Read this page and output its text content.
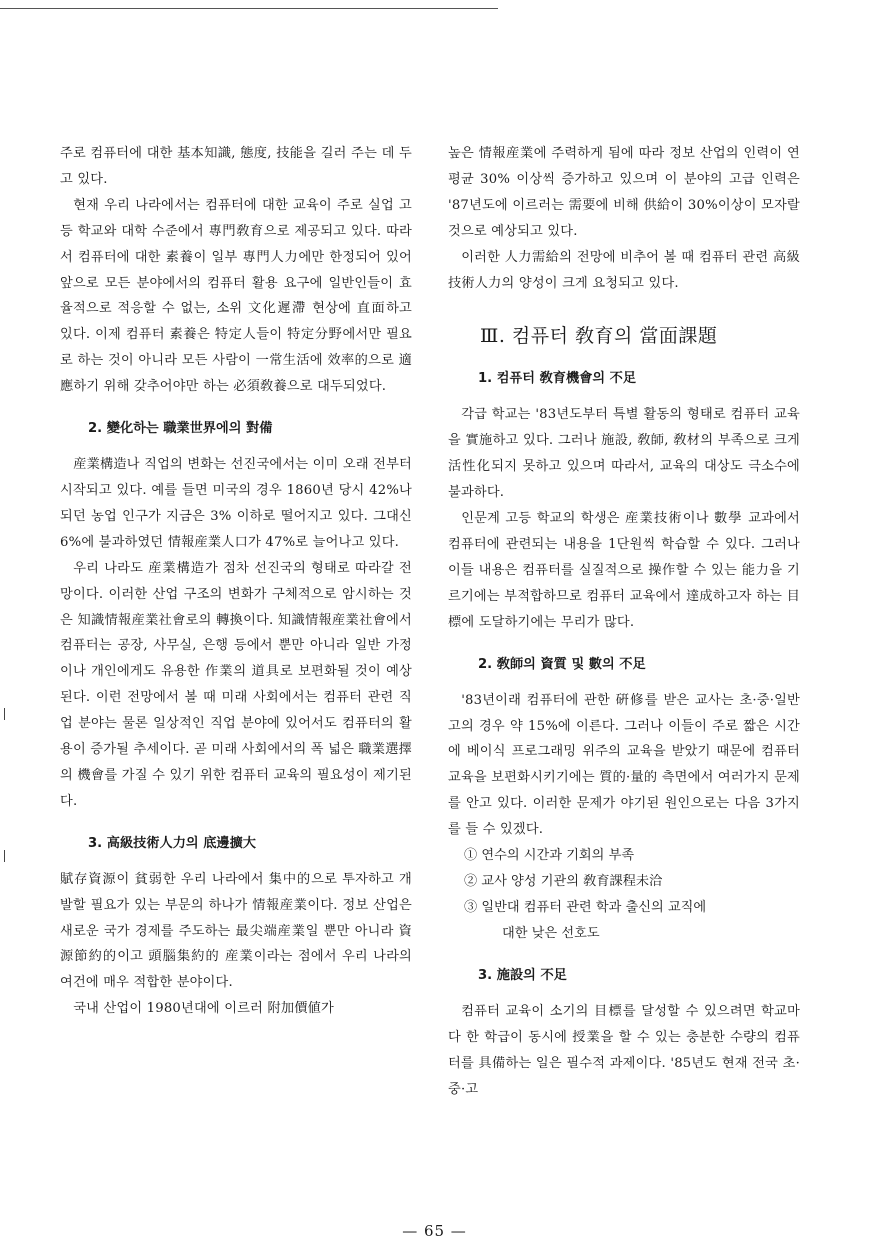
주로 컴퓨터에 대한 基本知識, 態度, 技能을 길러 주는 데 두고 있다.

현재 우리 나라에서는 컴퓨터에 대한 교육이 주로 실업 고등 학교와 대학 수준에서 專門敎育으로 제공되고 있다. 따라서 컴퓨터에 대한 素養이 일부 專門人力에만 한정되어 있어 앞으로 모든 분야에서의 컴퓨터 활용 요구에 일반인들이 효율적으로 적응할 수 없는, 소위 文化遲滯 현상에 直面하고 있다. 이제 컴퓨터 素養은 特定人들이 特定分野에서만 필요로 하는 것이 아니라 모든 사람이 一常生活에 效率的으로 適應하기 위해 갖추어야만 하는 必須敎養으로 대두되었다.

2. 變化하는 職業世界에의 對備

産業構造나 직업의 변화는 선진국에서는 이미 오래 전부터 시작되고 있다. 예를 들면 미국의 경우 1860년 당시 42%나 되던 농업 인구가 지금은 3% 이하로 떨어지고 있다. 그대신 6%에 불과하였던 情報産業人口가 47%로 늘어나고 있다.

우리 나라도 産業構造가 점차 선진국의 형태로 따라갈 전망이다. 이러한 산업 구조의 변화가 구체적으로 암시하는 것은 知識情報産業社會로의 轉換이다. 知識情報産業社會에서 컴퓨터는 공장, 사무실, 은행 등에서 뿐만 아니라 일반 가정이나 개인에게도 유용한 作業의 道具로 보편화될 것이 예상된다. 이런 전망에서 볼 때 미래 사회에서는 컴퓨터 관련 직업 분야는 물론 일상적인 직업 분야에 있어서도 컴퓨터의 활용이 증가될 추세이다. 곧 미래 사회에서의 폭 넓은 職業選擇의 機會를 가질 수 있기 위한 컴퓨터 교육의 필요성이 제기된다.

3. 高級技術人力의 底邊擴大

賦存資源이 貧弱한 우리 나라에서 集中的으로 투자하고 개발할 필요가 있는 부문의 하나가 情報産業이다. 정보 산업은 새로운 국가 경제를 주도하는 最尖端産業일 뿐만 아니라 資源節約的이고 頭腦集約的 産業이라는 점에서 우리 나라의 여건에 매우 적합한 분야이다.

국내 산업이 1980년대에 이르러 附加價値가

높은 情報産業에 주력하게 됨에 따라 정보 산업의 인력이 연평균 30% 이상씩 증가하고 있으며 이 분야의 고급 인력은 '87년도에 이르러는 需要에 비해 供給이 30%이상이 모자랄 것으로 예상되고 있다.

이러한 人力需給의 전망에 비추어 볼 때 컴퓨터 관련 高級技術人力의 양성이 크게 요청되고 있다.

Ⅲ. 컴퓨터 敎育의 當面課題
1. 컴퓨터 敎育機會의 不足

각급 학교는 '83년도부터 특별 활동의 형태로 컴퓨터 교육을 實施하고 있다. 그러나 施設, 敎師, 敎材의 부족으로 크게 活性化되지 못하고 있으며 따라서, 교육의 대상도 극소수에 불과하다.

인문계 고등 학교의 학생은 産業技術이나 數學 교과에서 컴퓨터에 관련되는 내용을 1단원씩 학습할 수 있다. 그러나 이들 내용은 컴퓨터를 실질적으로 操作할 수 있는 能力을 기르기에는 부적합하므로 컴퓨터 교육에서 達成하고자 하는 目標에 도달하기에는 무리가 많다.

2. 敎師의 資質 및 數의 不足

'83년이래 컴퓨터에 관한 硏修를 받은 교사는 초·중·일반고의 경우 약 15%에 이른다. 그러나 이들이 주로 짧은 시간에 베이식 프로그래밍 위주의 교육을 받았기 때문에 컴퓨터 교육을 보편화시키기에는 質的·量的 측면에서 여러가지 문제를 안고 있다. 이러한 문제가 야기된 원인으로는 다음 3가지를 들 수 있겠다.

① 연수의 시간과 기회의 부족

② 교사 양성 기관의 敎育課程未洽

③ 일반대 컴퓨터 관련 학과 출신의 교직에

대한 낮은 선호도

3. 施設의 不足

컴퓨터 교육이 소기의 目標를 달성할 수 있으려면 학교마다 한 학급이 동시에 授業을 할 수 있는 충분한 수량의 컴퓨터를 具備하는 일은 필수적 과제이다. '85년도 현재 전국 초·중·고

— 65 —
